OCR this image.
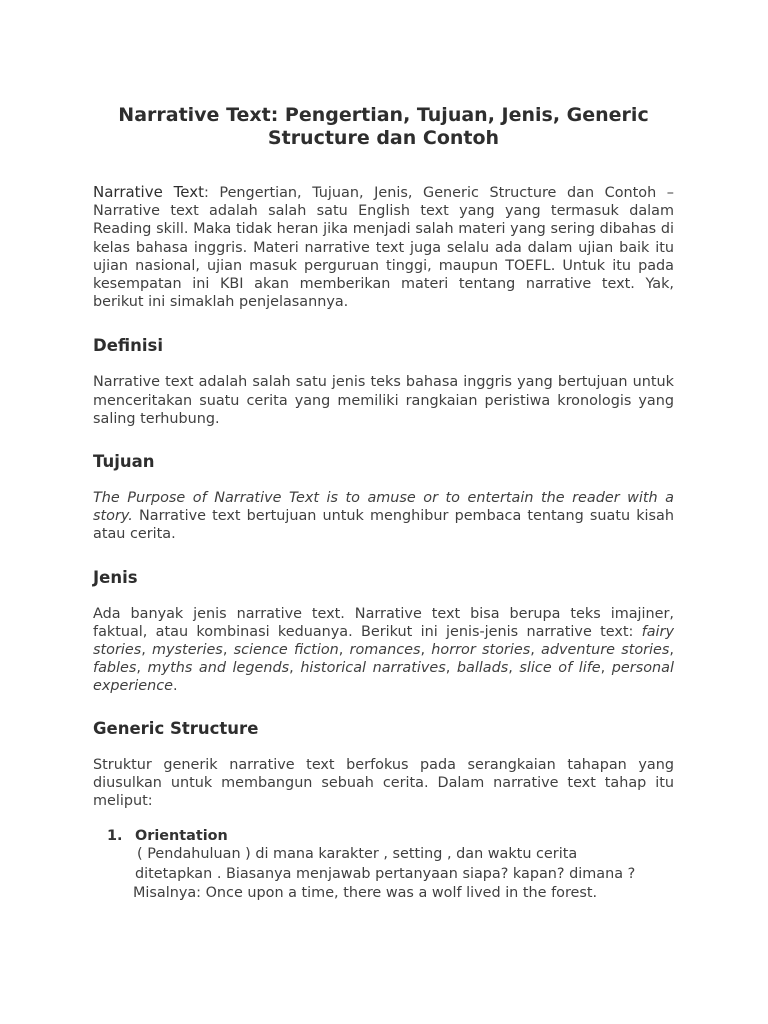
Narrative Text: Pengertian, Tujuan, Jenis, Generic Structure dan Contoh

Narrative Text: Pengertian, Tujuan, Jenis, Generic Structure dan Contoh – Narrative text adalah salah satu English text yang yang termasuk dalam Reading skill. Maka tidak heran jika menjadi salah materi yang sering dibahas di kelas bahasa inggris. Materi narrative text juga selalu ada dalam ujian baik itu ujian nasional, ujian masuk perguruan tinggi, maupun TOEFL. Untuk itu pada kesempatan ini KBI akan memberikan materi tentang narrative text. Yak, berikut ini simaklah penjelasannya.

Definisi

Narrative text adalah salah satu jenis teks bahasa inggris yang bertujuan untuk menceritakan suatu cerita yang memiliki rangkaian peristiwa kronologis yang saling terhubung.

Tujuan

The Purpose of Narrative Text is to amuse or to entertain the reader with a story. Narrative text bertujuan untuk menghibur pembaca tentang suatu kisah atau cerita.

Jenis

Ada banyak jenis narrative text. Narrative text bisa berupa teks imajiner, faktual, atau kombinasi keduanya. Berikut ini jenis-jenis narrative text: fairy stories, mysteries, science fiction, romances, horror stories, adventure stories, fables, myths and legends, historical narratives, ballads, slice of life, personal experience.

Generic Structure

Struktur generik narrative text berfokus pada serangkaian tahapan yang diusulkan untuk membangun sebuah cerita. Dalam narrative text tahap itu meliput:

1. Orientation

( Pendahuluan ) di mana karakter , setting , dan waktu cerita
ditetapkan . Biasanya menjawab pertanyaan siapa? kapan? dimana ?
Misalnya: Once upon a time, there was a wolf lived in the forest.
